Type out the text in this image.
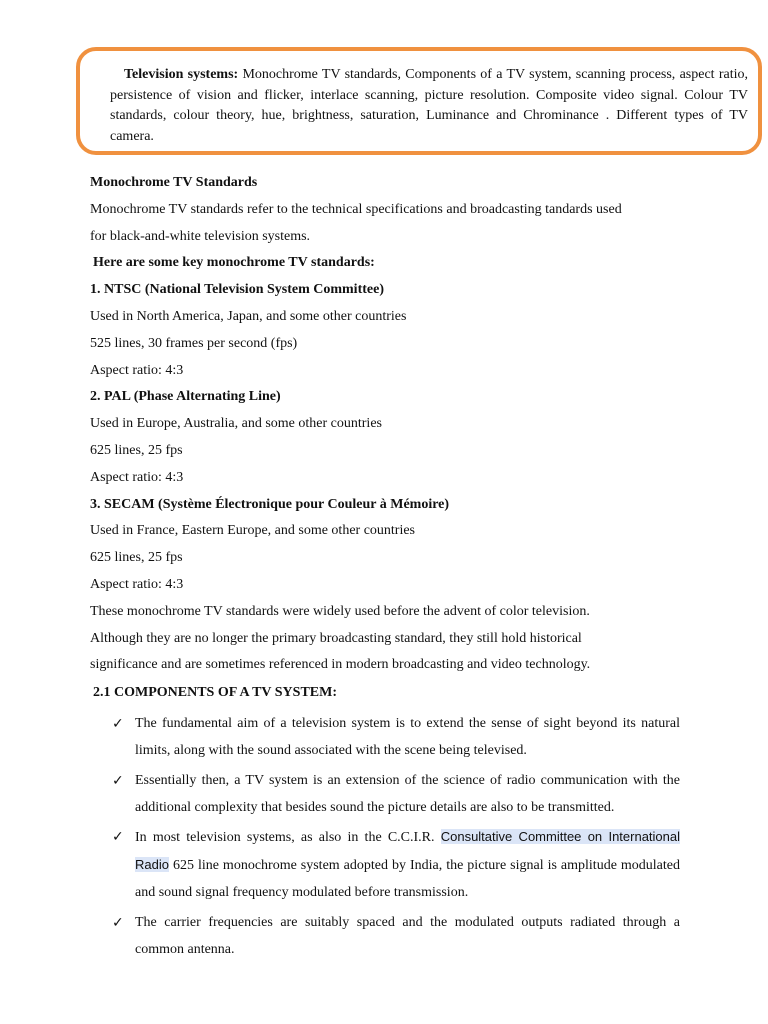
Television systems: Monochrome TV standards, Components of a TV system, scanning process, aspect ratio, persistence of vision and flicker, interlace scanning, picture resolution. Composite video signal. Colour TV standards, colour theory, hue, brightness, saturation, Luminance and Chrominance . Different types of TV camera.
Monochrome TV Standards
Monochrome TV standards refer to the technical specifications and broadcasting tandards used
for black-and-white television systems.
Here are some key monochrome TV standards:
1. NTSC (National Television System Committee)
Used in North America, Japan, and some other countries
525 lines, 30 frames per second (fps)
Aspect ratio: 4:3
2. PAL (Phase Alternating Line)
Used in Europe, Australia, and some other countries
625 lines, 25 fps
Aspect ratio: 4:3
3. SECAM (Système Électronique pour Couleur à Mémoire)
Used in France, Eastern Europe, and some other countries
625 lines, 25 fps
Aspect ratio: 4:3
These monochrome TV standards were widely used before the advent of color television.
Although they are no longer the primary broadcasting standard, they still hold historical
significance and are sometimes referenced in modern broadcasting and video technology.
2.1 COMPONENTS OF A TV SYSTEM:
✓ The fundamental aim of a television system is to extend the sense of sight beyond its natural limits, along with the sound associated with the scene being televised.
✓ Essentially then, a TV system is an extension of the science of radio communication with the additional complexity that besides sound the picture details are also to be transmitted.
✓ In most television systems, as also in the C.C.I.R. Consultative Committee on International Radio 625 line monochrome system adopted by India, the picture signal is amplitude modulated and sound signal frequency modulated before transmission.
✓ The carrier frequencies are suitably spaced and the modulated outputs radiated through a common antenna.
